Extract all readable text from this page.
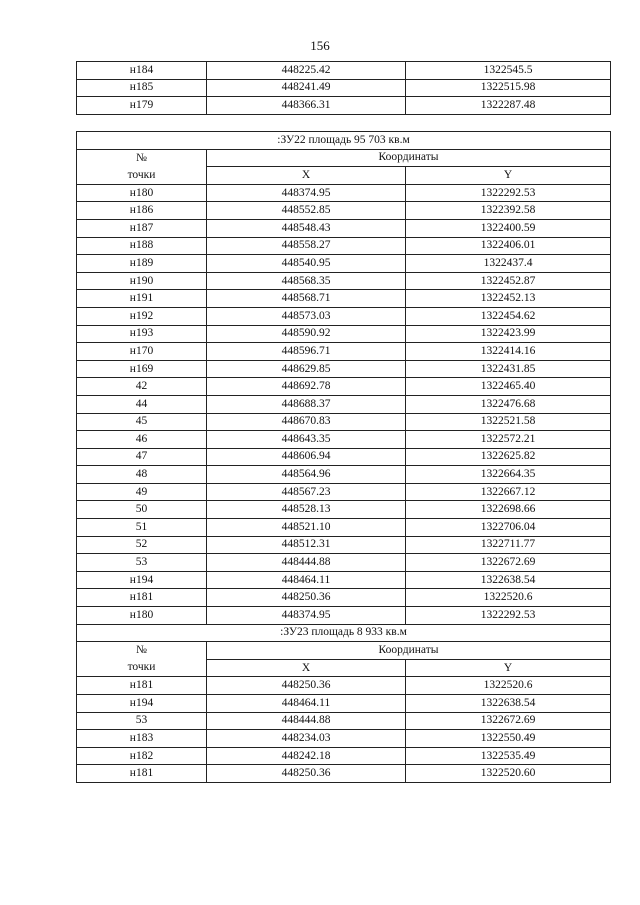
156
н184	448225.42	1322545.5
н185	448241.49	1322515.98
н179	448366.31	1322287.48
:ЗУ22 площадь 95 703 кв.м		
№	Координаты	
точки	X	Y
н180	448374.95	1322292.53
н186	448552.85	1322392.58
н187	448548.43	1322400.59
н188	448558.27	1322406.01
н189	448540.95	1322437.4
н190	448568.35	1322452.87
н191	448568.71	1322452.13
н192	448573.03	1322454.62
н193	448590.92	1322423.99
н170	448596.71	1322414.16
н169	448629.85	1322431.85
42	448692.78	1322465.40
44	448688.37	1322476.68
45	448670.83	1322521.58
46	448643.35	1322572.21
47	448606.94	1322625.82
48	448564.96	1322664.35
49	448567.23	1322667.12
50	448528.13	1322698.66
51	448521.10	1322706.04
52	448512.31	1322711.77
53	448444.88	1322672.69
н194	448464.11	1322638.54
н181	448250.36	1322520.6
н180	448374.95	1322292.53
:ЗУ23 площадь 8 933 кв.м		
№	Координаты	
точки	X	Y
н181	448250.36	1322520.6
н194	448464.11	1322638.54
53	448444.88	1322672.69
н183	448234.03	1322550.49
н182	448242.18	1322535.49
н181	448250.36	1322520.60
